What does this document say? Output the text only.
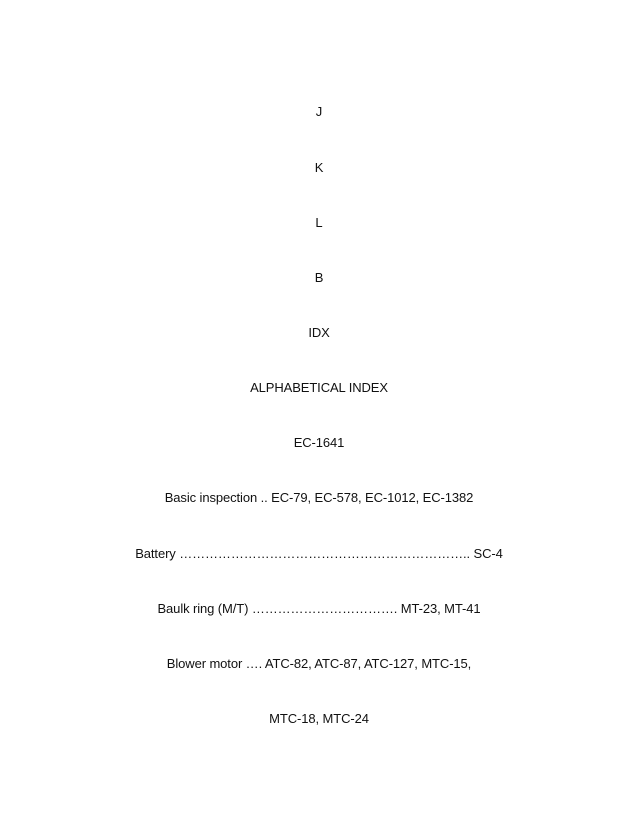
J
K
L
B
IDX
ALPHABETICAL INDEX
EC-1641
Basic inspection .. EC-79, EC-578, EC-1012, EC-1382
Battery ………………………………………………………….. SC-4
Baulk ring (M/T) ……………………………. MT-23, MT-41
Blower motor …. ATC-82, ATC-87, ATC-127, MTC-15,
MTC-18, MTC-24
